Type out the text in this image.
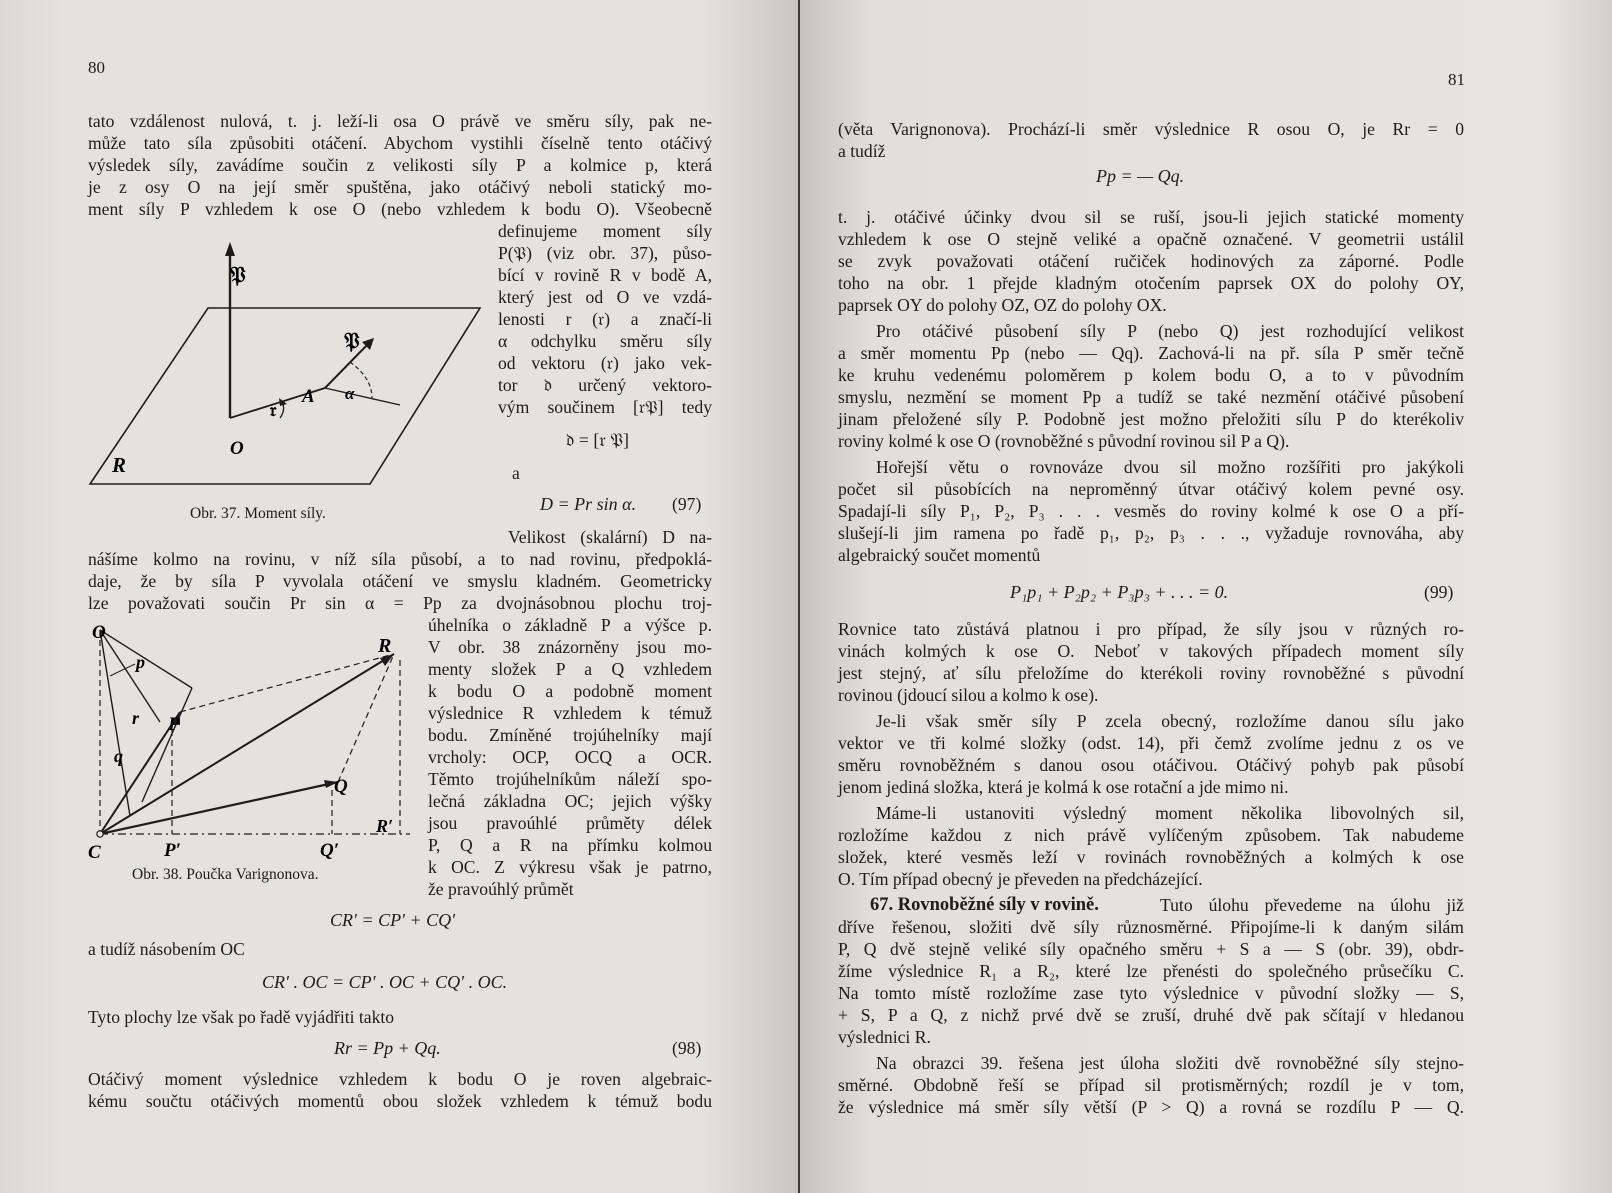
80
tato vzdálenost nulová, t. j. leží-li osa O právě ve směru síly, pak ne-
může tato síla způsobiti otáčení. Abychom vystihli číselně tento otáčivý
výsledek síly, zavádíme součin z velikosti síly P a kolmice p, která
je z osy O na její směr spuštěna, jako otáčivý neboli statický mo-
ment síly P vzhledem k ose O (nebo vzhledem k bodu O). Všeobecně
𝔓
𝔓
𝔯
A α
O
R
definujeme moment síly
P(𝔓) (viz obr. 37), půso-
bící v rovině R v bodě A,
který jest od O ve vzdá-
lenosti r (𝔯) a značí-li
α odchylku směru síly
od vektoru (𝔯) jako vek-
tor 𝔡 určený vektoro-
vým součinem [𝔯𝔓] tedy
𝔡 = [𝔯 𝔓]
a
D = Pr sin α. (97)
Obr. 37. Moment síly.
Velikost (skalární) D na-
nášíme kolmo na rovinu, v níž síla působí, a to nad rovinu, předpoklá-
daje, že by síla P vyvolala otáčení ve smyslu kladném. Geometricky
lze považovati součin Pr sin α = Pp za dvojnásobnou plochu troj-
O
p
r
q
P
Q
R
R′
C	P′	Q′
úhelníka o základně P a výšce p.
V obr. 38 znázorněny jsou mo-
menty složek P a Q vzhledem
k bodu O a podobně moment
výslednice R vzhledem k témuž
bodu. Zmíněné trojúhelníky mají
vrcholy: OCP, OCQ a OCR.
Těmto trojúhelníkům náleží spo-
lečná základna OC; jejich výšky
jsou pravoúhlé průměty délek
P, Q a R na přímku kolmou
k OC. Z výkresu však je patrno,
že pravoúhlý průmět
Obr. 38. Poučka Varignonova.
CR′ = CP′ + CQ′
a tudíž násobením OC
CR′ . OC = CP′ . OC + CQ′ . OC.
Tyto plochy lze však po řadě vyjádřiti takto
Rr = Pp + Qq.	(98)
Otáčivý moment výslednice vzhledem k bodu O je roven algebraic-
kému součtu otáčivých momentů obou složek vzhledem k témuž bodu
81
(věta Varignonova). Prochází-li směr výslednice R osou O, je Rr = 0
a tudíž
Pp = — Qq.
t. j. otáčivé účinky dvou sil se ruší, jsou-li jejich statické momenty
vzhledem k ose O stejně veliké a opačně označené. V geometrii ustálil
se zvyk považovati otáčení ručiček hodinových za záporné. Podle
toho na obr. 1 přejde kladným otočením paprsek OX do polohy OY,
paprsek OY do polohy OZ, OZ do polohy OX.
Pro otáčivé působení síly P (nebo Q) jest rozhodující velikost
a směr momentu Pp (nebo — Qq). Zachová-li na př. síla P směr tečně
ke kruhu vedenému poloměrem p kolem bodu O, a to v původním
smyslu, nezmění se moment Pp a tudíž se také nezmění otáčivé působení
jinam přeložené síly P. Podobně jest možno přeložiti sílu P do kterékoliv
roviny kolmé k ose O (rovnoběžné s původní rovinou sil P a Q).
Hořejší větu o rovnováze dvou sil možno rozšířiti pro jakýkoli
počet sil působících na neproměnný útvar otáčivý kolem pevné osy.
Spadají-li síly P₁, P₂, P₃ . . . vesměs do roviny kolmé k ose O a pří-
slušejí-li jim ramena po řadě p₁, p₂, p₃ . . ., vyžaduje rovnováha, aby
algebraický součet momentů
P₁p₁ + P₂p₂ + P₃p₃ + . . . = 0.	(99)
Rovnice tato zůstává platnou i pro případ, že síly jsou v různých ro-
vinách kolmých k ose O. Neboť v takových případech moment síly
jest stejný, ať sílu přeložíme do kterékoli roviny rovnoběžné s původní
rovinou (jdoucí silou a kolmo k ose).
Je-li však směr síly P zcela obecný, rozložíme danou sílu jako
vektor ve tři kolmé složky (odst. 14), při čemž zvolíme jednu z os ve
směru rovnoběžném s danou osou otáčivou. Otáčivý pohyb pak působí
jenom jediná složka, která je kolmá k ose rotační a jde mimo ni.
Máme-li ustanoviti výsledný moment několika libovolných sil,
rozložíme každou z nich právě vylíčeným způsobem. Tak nabudeme
složek, které vesměs leží v rovinách rovnoběžných a kolmých k ose
O. Tím případ obecný je převeden na předcházející.
67. Rovnoběžné síly v rovině.	Tuto úlohu převedeme na úlohu již
dříve řešenou, složiti dvě síly různosměrné. Připojíme-li k daným silám
P, Q dvě stejně veliké síly opačného směru + S a — S (obr. 39), obdr-
žíme výslednice R₁ a R₂, které lze přenésti do společného průsečíku C.
Na tomto místě rozložíme zase tyto výslednice v původní složky — S,
+ S, P a Q, z nichž prvé dvě se zruší, druhé dvě pak sčítají v hledanou
výslednici R.
Na obrazci 39. řešena jest úloha složiti dvě rovnoběžné síly stejno-
směrné. Obdobně řeší se případ sil protisměrných; rozdíl je v tom,
že výslednice má směr síly větší (P > Q) a rovná se rozdílu P — Q.
